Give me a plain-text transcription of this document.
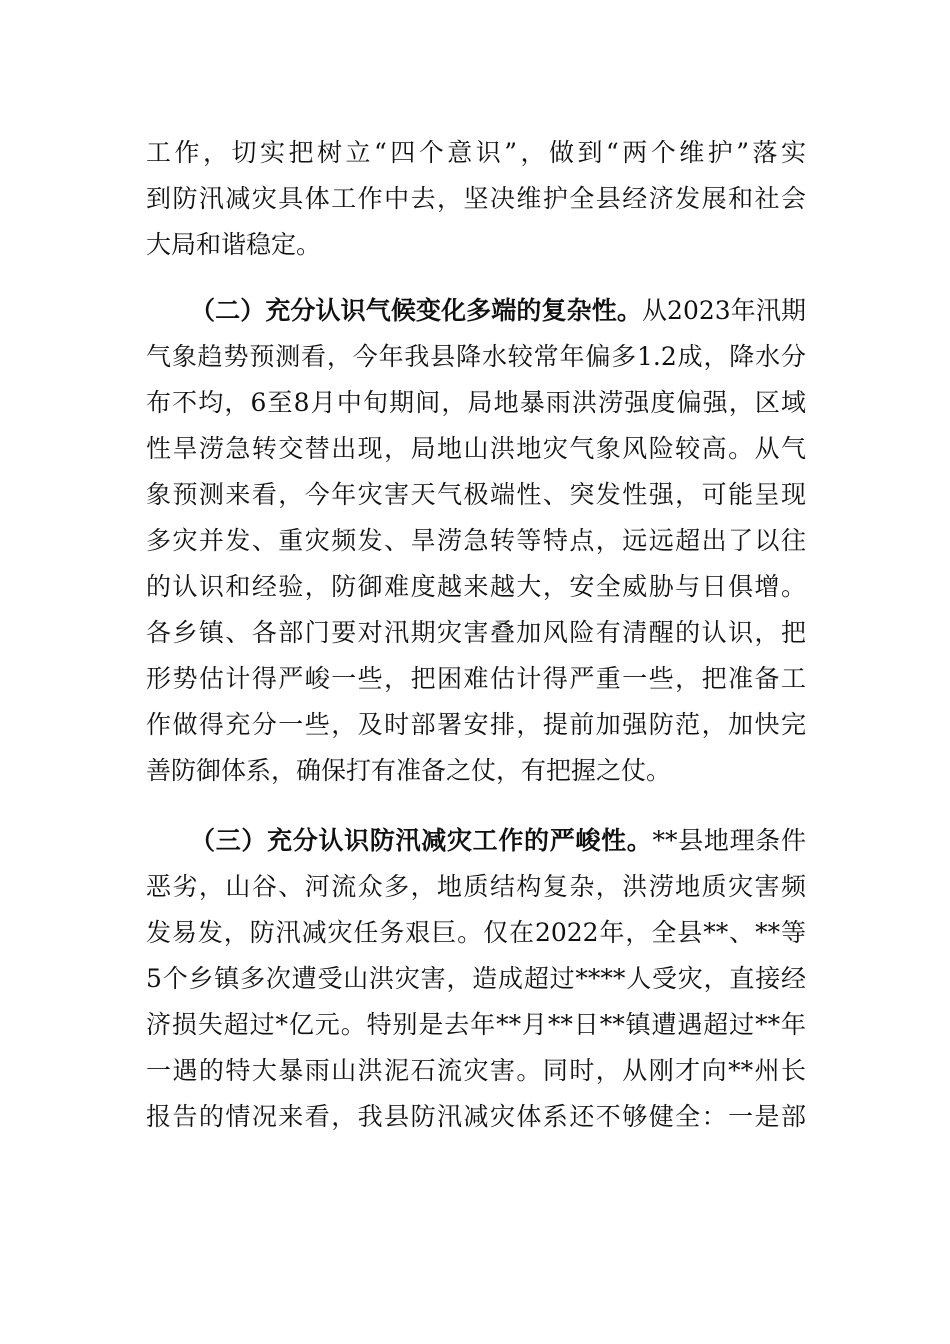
工作，切实把树立“四个意识”，做到“两个维护”落实
到防汛减灾具体工作中去，坚决维护全县经济发展和社会
大局和谐稳定。
（二）充分认识气候变化多端的复杂性。从2023年汛期
气象趋势预测看，今年我县降水较常年偏多1.2成，降水分
布不均，6至8月中旬期间，局地暴雨洪涝强度偏强，区域
性旱涝急转交替出现，局地山洪地灾气象风险较高。从气
象预测来看，今年灾害天气极端性、突发性强，可能呈现
多灾并发、重灾频发、旱涝急转等特点，远远超出了以往
的认识和经验，防御难度越来越大，安全威胁与日俱增。
各乡镇、各部门要对汛期灾害叠加风险有清醒的认识，把
形势估计得严峻一些，把困难估计得严重一些，把准备工
作做得充分一些，及时部署安排，提前加强防范，加快完
善防御体系，确保打有准备之仗，有把握之仗。
（三）充分认识防汛减灾工作的严峻性。**县地理条件
恶劣，山谷、河流众多，地质结构复杂，洪涝地质灾害频
发易发，防汛减灾任务艰巨。仅在2022年，全县**、**等
5个乡镇多次遭受山洪灾害，造成超过****人受灾，直接经
济损失超过*亿元。特别是去年**月**日**镇遭遇超过**年
一遇的特大暴雨山洪泥石流灾害。同时，从刚才向**州长
报告的情况来看，我县防汛减灾体系还不够健全：一是部
